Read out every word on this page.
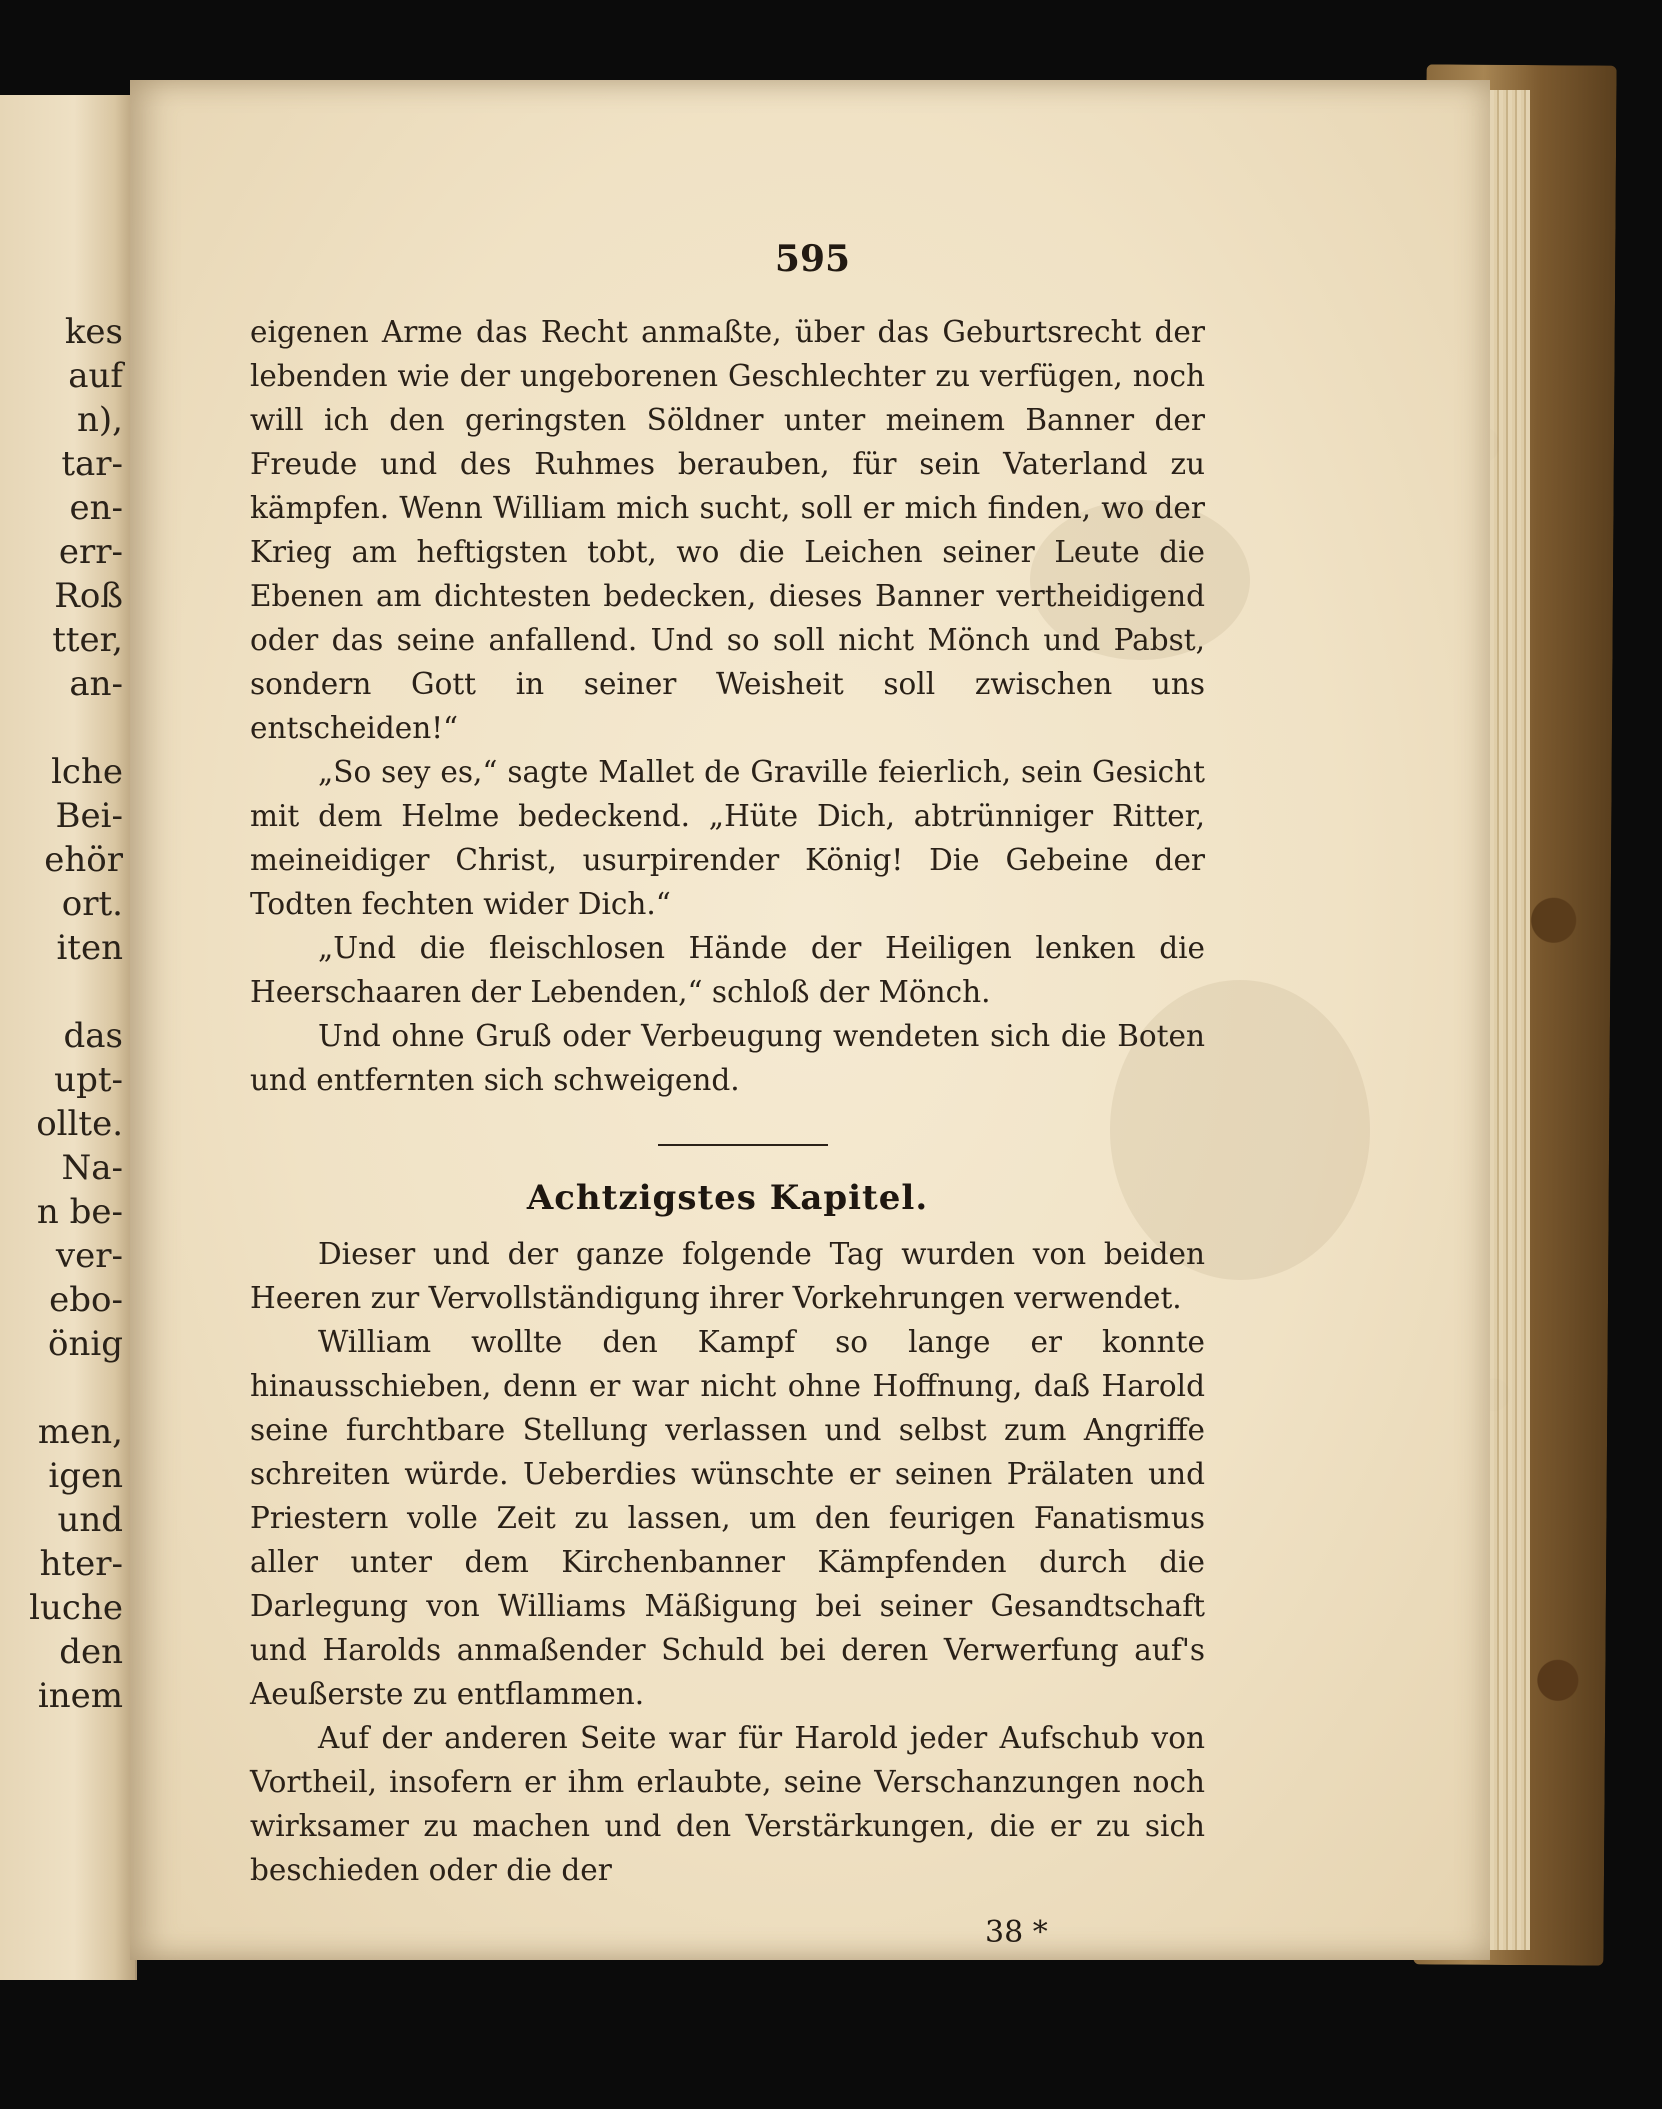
kes
auf
n),
tar-
en-
err-
Roß
tter,
an-
lche
Bei-
ehör
ort.
iten
das
upt-
ollte.
Na-
n be-
ver-
ebo-
önig
men,
igen
und
hter-
luche
den
inem
595

eigenen Arme das Recht anmaßte, über das Geburtsrecht der lebenden wie der ungeborenen Geschlechter zu verfügen, noch will ich den geringsten Söldner unter meinem Banner der Freude und des Ruhmes berauben, für sein Vaterland zu kämpfen. Wenn William mich sucht, soll er mich finden, wo der Krieg am heftigsten tobt, wo die Leichen seiner Leute die Ebenen am dichtesten bedecken, dieses Banner vertheidigend oder das seine anfallend. Und so soll nicht Mönch und Pabst, sondern Gott in seiner Weisheit soll zwischen uns entscheiden!“

„So sey es,“ sagte Mallet de Graville feierlich, sein Gesicht mit dem Helme bedeckend. „Hüte Dich, abtrünniger Ritter, meineidiger Christ, usurpirender König! Die Gebeine der Todten fechten wider Dich.“

„Und die fleischlosen Hände der Heiligen lenken die Heerschaaren der Lebenden,“ schloß der Mönch.

Und ohne Gruß oder Verbeugung wendeten sich die Boten und entfernten sich schweigend.

Achtzigstes Kapitel.

Dieser und der ganze folgende Tag wurden von beiden Heeren zur Vervollständigung ihrer Vorkehrungen verwendet.

William wollte den Kampf so lange er konnte hinausschieben, denn er war nicht ohne Hoffnung, daß Harold seine furchtbare Stellung verlassen und selbst zum Angriffe schreiten würde. Ueberdies wünschte er seinen Prälaten und Priestern volle Zeit zu lassen, um den feurigen Fanatismus aller unter dem Kirchenbanner Kämpfenden durch die Darlegung von Williams Mäßigung bei seiner Gesandtschaft und Harolds anmaßender Schuld bei deren Verwerfung auf's Aeußerste zu entflammen.

Auf der anderen Seite war für Harold jeder Aufschub von Vortheil, insofern er ihm erlaubte, seine Verschanzungen noch wirksamer zu machen und den Verstärkungen, die er zu sich beschieden oder die der

38 *
